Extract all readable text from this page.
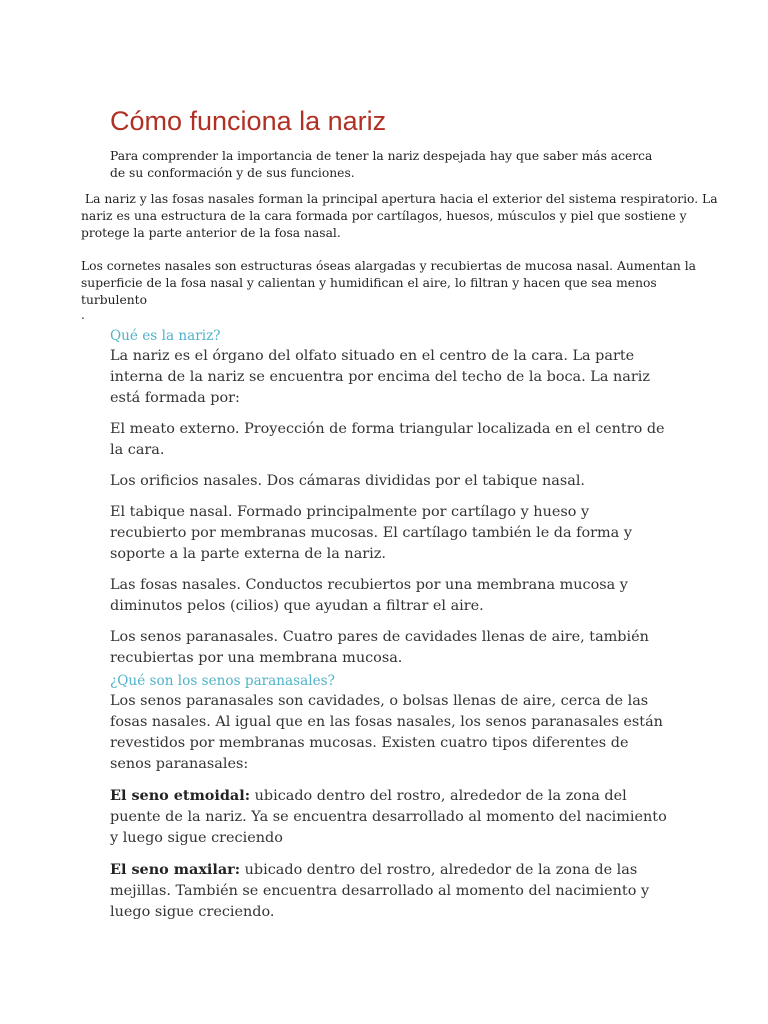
Cómo funciona la nariz

Para comprender la importancia de tener la nariz despejada hay que saber más acerca de su conformación y de sus funciones.

La nariz y las fosas nasales forman la principal apertura hacia el exterior del sistema respiratorio. La nariz es una estructura de la cara formada por cartílagos, huesos, músculos y piel que sostiene y protege la parte anterior de la fosa nasal.

Los cornetes nasales son estructuras óseas alargadas y recubiertas de mucosa nasal. Aumentan la superficie de la fosa nasal y calientan y humidifican el aire, lo filtran y hacen que sea menos turbulento

.

Qué es la nariz?

La nariz es el órgano del olfato situado en el centro de la cara. La parte interna de la nariz se encuentra por encima del techo de la boca. La nariz está formada por:

El meato externo. Proyección de forma triangular localizada en el centro de la cara.

Los orificios nasales. Dos cámaras divididas por el tabique nasal.

El tabique nasal. Formado principalmente por cartílago y hueso y recubierto por membranas mucosas. El cartílago también le da forma y soporte a la parte externa de la nariz.

Las fosas nasales. Conductos recubiertos por una membrana mucosa y diminutos pelos (cilios) que ayudan a filtrar el aire.

Los senos paranasales. Cuatro pares de cavidades llenas de aire, también recubiertas por una membrana mucosa.

¿Qué son los senos paranasales?

Los senos paranasales son cavidades, o bolsas llenas de aire, cerca de las fosas nasales. Al igual que en las fosas nasales, los senos paranasales están revestidos por membranas mucosas. Existen cuatro tipos diferentes de senos paranasales:

El seno etmoidal: ubicado dentro del rostro, alrededor de la zona del puente de la nariz. Ya se encuentra desarrollado al momento del nacimiento y luego sigue creciendo

El seno maxilar: ubicado dentro del rostro, alrededor de la zona de las mejillas. También se encuentra desarrollado al momento del nacimiento y luego sigue creciendo.
